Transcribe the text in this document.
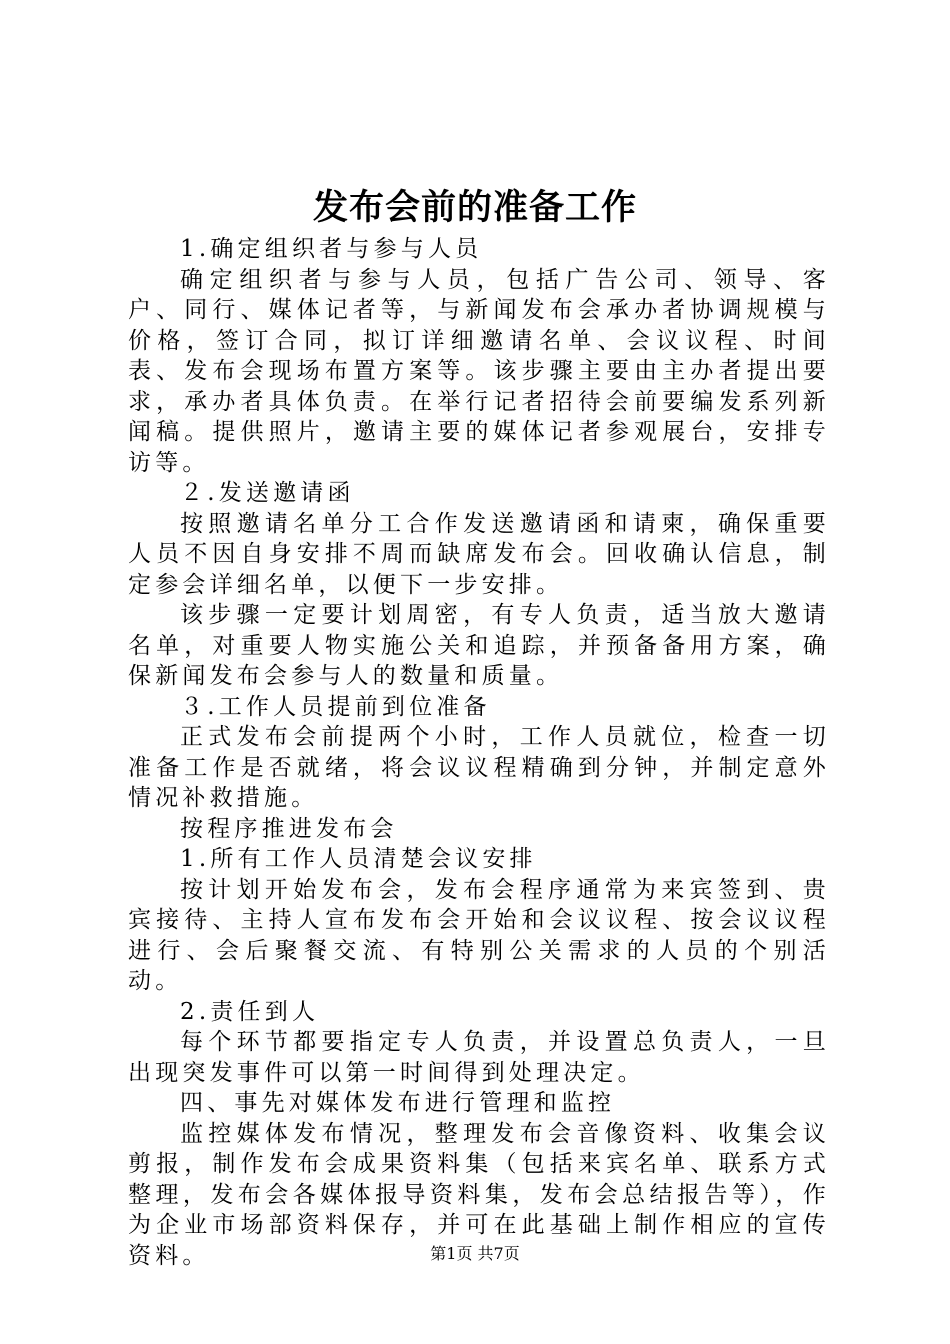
发布会前的准备工作

1.确定组织者与参与人员

确定组织者与参与人员，包括广告公司、领导、客户、同行、媒体记者等，与新闻发布会承办者协调规模与价格，签订合同，拟订详细邀请名单、会议议程、时间表、发布会现场布置方案等。该步骤主要由主办者提出要求，承办者具体负责。在举行记者招待会前要编发系列新闻稿。提供照片，邀请主要的媒体记者参观展台，安排专访等。

２.发送邀请函

按照邀请名单分工合作发送邀请函和请柬，确保重要人员不因自身安排不周而缺席发布会。回收确认信息，制定参会详细名单，以便下一步安排。

该步骤一定要计划周密，有专人负责，适当放大邀请名单，对重要人物实施公关和追踪，并预备备用方案，确保新闻发布会参与人的数量和质量。

３.工作人员提前到位准备

正式发布会前提两个小时，工作人员就位，检查一切准备工作是否就绪，将会议议程精确到分钟，并制定意外情况补救措施。

按程序推进发布会

1.所有工作人员清楚会议安排

按计划开始发布会，发布会程序通常为来宾签到、贵宾接待、主持人宣布发布会开始和会议议程、按会议议程进行、会后聚餐交流、有特别公关需求的人员的个别活动。

2.责任到人

每个环节都要指定专人负责，并设置总负责人，一旦出现突发事件可以第一时间得到处理决定。

四、事先对媒体发布进行管理和监控

监控媒体发布情况，整理发布会音像资料、收集会议剪报，制作发布会成果资料集（包括来宾名单、联系方式整理，发布会各媒体报导资料集，发布会总结报告等），作为企业市场部资料保存，并可在此基础上制作相应的宣传资料。	第1页 共7页
